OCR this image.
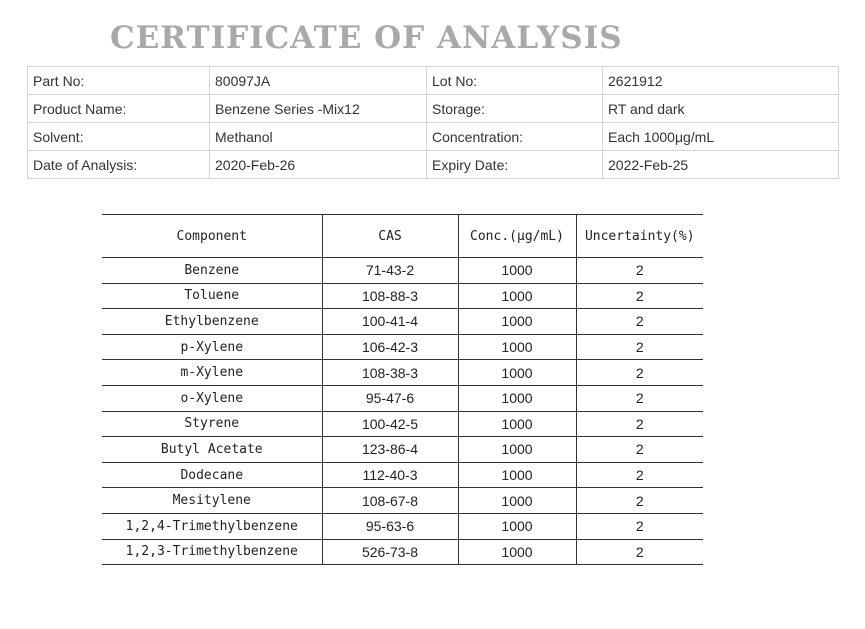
CERTIFICATE OF ANALYSIS
Part No:	80097JA	Lot No:	2621912
Product Name:	Benzene Series -Mix12	Storage:	RT and dark
Solvent:	Methanol	Concentration:	Each 1000μg/mL
Date of Analysis:	2020-Feb-26	Expiry Date:	2022-Feb-25
Component	CAS	Conc.(μg/mL)	Uncertainty(%)
Benzene	71-43-2	1000	2
Toluene	108-88-3	1000	2
Ethylbenzene	100-41-4	1000	2
p-Xylene	106-42-3	1000	2
m-Xylene	108-38-3	1000	2
o-Xylene	95-47-6	1000	2
Styrene	100-42-5	1000	2
Butyl Acetate	123-86-4	1000	2
Dodecane	112-40-3	1000	2
Mesitylene	108-67-8	1000	2
1,2,4-Trimethylbenzene	95-63-6	1000	2
1,2,3-Trimethylbenzene	526-73-8	1000	2
